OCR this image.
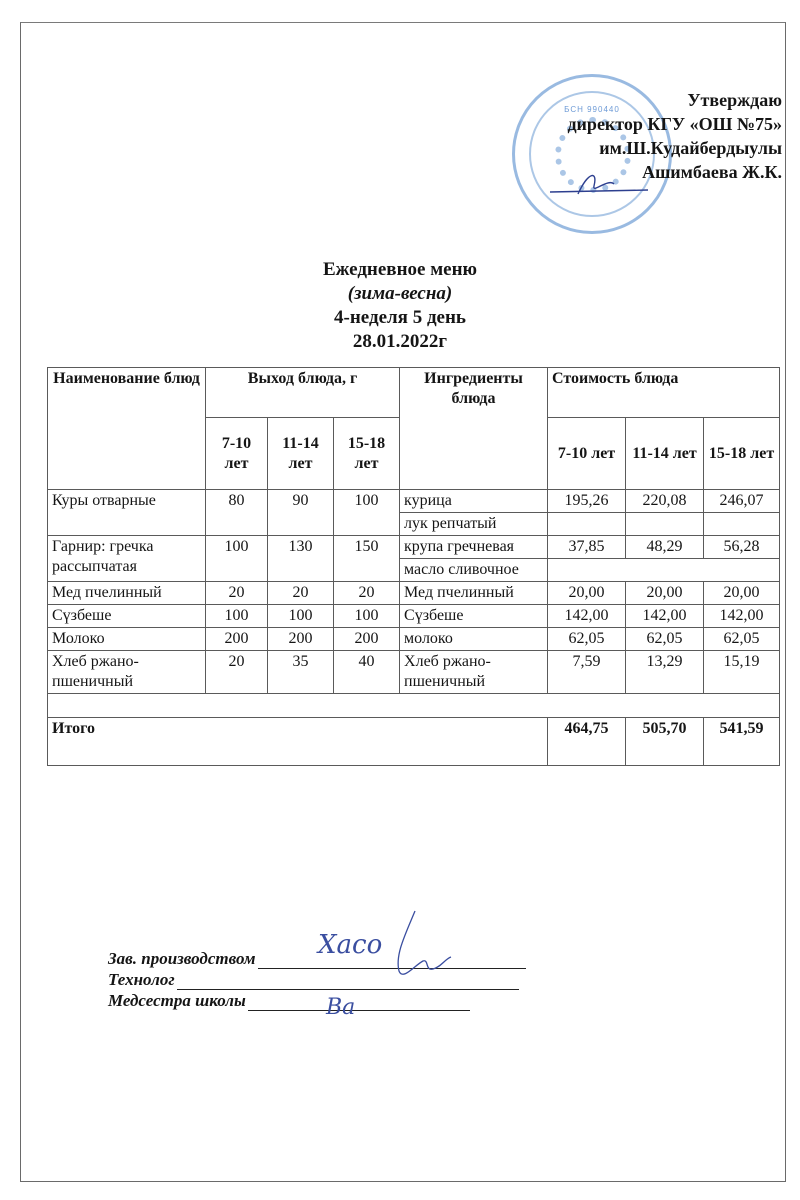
БСН 990440	Утверждаю
директор КГУ «ОШ №75»
им.Ш.Кудайбердыулы
Ашимбаева Ж.К.
Ежедневное меню
(зима-весна)
4-неделя 5 день
28.01.2022г
Наименование блюд	Выход блюда, г			Ингредиенты блюда	Стоимость блюда		
	7-10 лет	11-14 лет	15-18 лет		7-10 лет	11-14 лет	15-18 лет
Куры отварные	80	90	100	курица	195,26	220,08	246,07
				лук репчатый			
Гарнир: гречка рассыпчатая	100	130	150	крупа гречневая	37,85	48,29	56,28
				масло сливочное			
Мед пчелинный	20	20	20	Мед пчелинный	20,00	20,00	20,00
Сүзбеше	100	100	100	Сүзбеше	142,00	142,00	142,00
Молоко	200	200	200	молоко	62,05	62,05	62,05
Хлеб ржано-пшеничный	20	35	40	Хлеб ржано-пшеничный	7,59	13,29	15,19

Итого					464,75	505,70	541,59
Зав. производством
Технолог
Медсестра школы
Хасо
Ва
